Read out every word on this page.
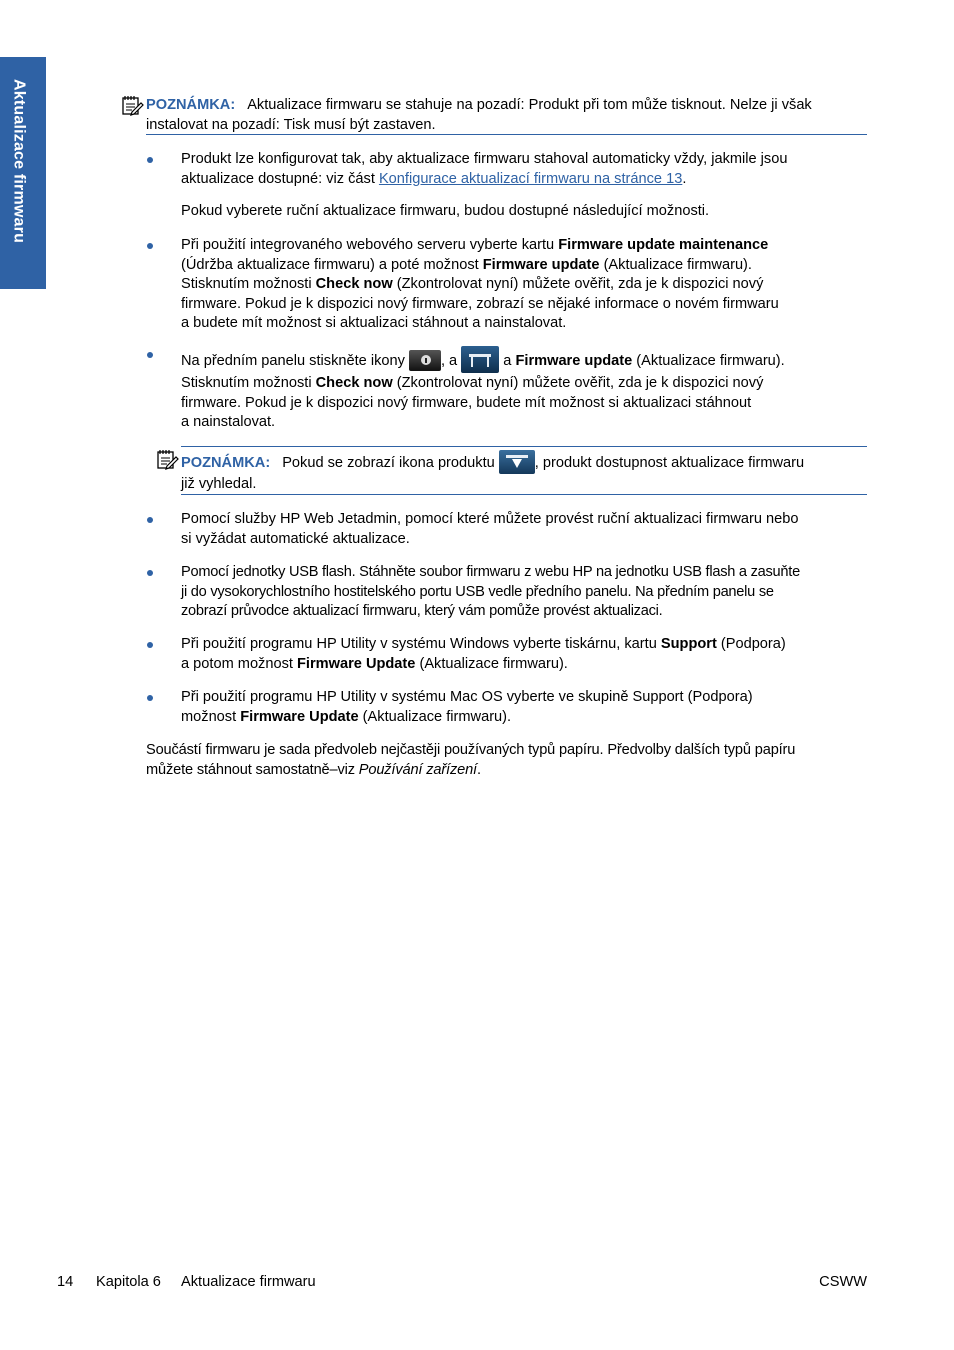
Aktualizace firmwaru	POZNÁMKA: Aktualizace firmwaru se stahuje na pozadí: Produkt při tom může tisknout. Nelze ji však
instalovat na pozadí: Tisk musí být zastaven.
Produkt lze konfigurovat tak, aby aktualizace firmwaru stahoval automaticky vždy, jakmile jsou
aktualizace dostupné: viz část Konfigurace aktualizací firmwaru na stránce 13.
Pokud vyberete ruční aktualizace firmwaru, budou dostupné následující možnosti.
Při použití integrovaného webového serveru vyberte kartu Firmware update maintenance
(Údržba aktualizace firmwaru) a poté možnost Firmware update (Aktualizace firmwaru).
Stisknutím možnosti Check now (Zkontrolovat nyní) můžete ověřit, zda je k dispozici nový
firmware. Pokud je k dispozici nový firmware, zobrazí se nějaké informace o novém firmwaru
a budete mít možnost si aktualizaci stáhnout a nainstalovat.
Na předním panelu stiskněte ikony , a	a Firmware update (Aktualizace firmwaru).
Stisknutím možnosti Check now (Zkontrolovat nyní) můžete ověřit, zda je k dispozici nový
firmware. Pokud je k dispozici nový firmware, budete mít možnost si aktualizaci stáhnout
a nainstalovat.
POZNÁMKA: Pokud se zobrazí ikona produktu , produkt dostupnost aktualizace firmwaru
již vyhledal.
Pomocí služby HP Web Jetadmin, pomocí které můžete provést ruční aktualizaci firmwaru nebo
si vyžádat automatické aktualizace.
Pomocí jednotky USB flash. Stáhněte soubor firmwaru z webu HP na jednotku USB flash a zasuňte
ji do vysokorychlostního hostitelského portu USB vedle předního panelu. Na předním panelu se
zobrazí průvodce aktualizací firmwaru, který vám pomůže provést aktualizaci.
Při použití programu HP Utility v systému Windows vyberte tiskárnu, kartu Support (Podpora)
a potom možnost Firmware Update (Aktualizace firmwaru).
Při použití programu HP Utility v systému Mac OS vyberte ve skupině Support (Podpora)
možnost Firmware Update (Aktualizace firmwaru).
Součástí firmwaru je sada předvoleb nejčastěji používaných typů papíru. Předvolby dalších typů papíru
můžete stáhnout samostatně–viz Používání zařízení.
14 Kapitola 6 Aktualizace firmwaru	CSWW
